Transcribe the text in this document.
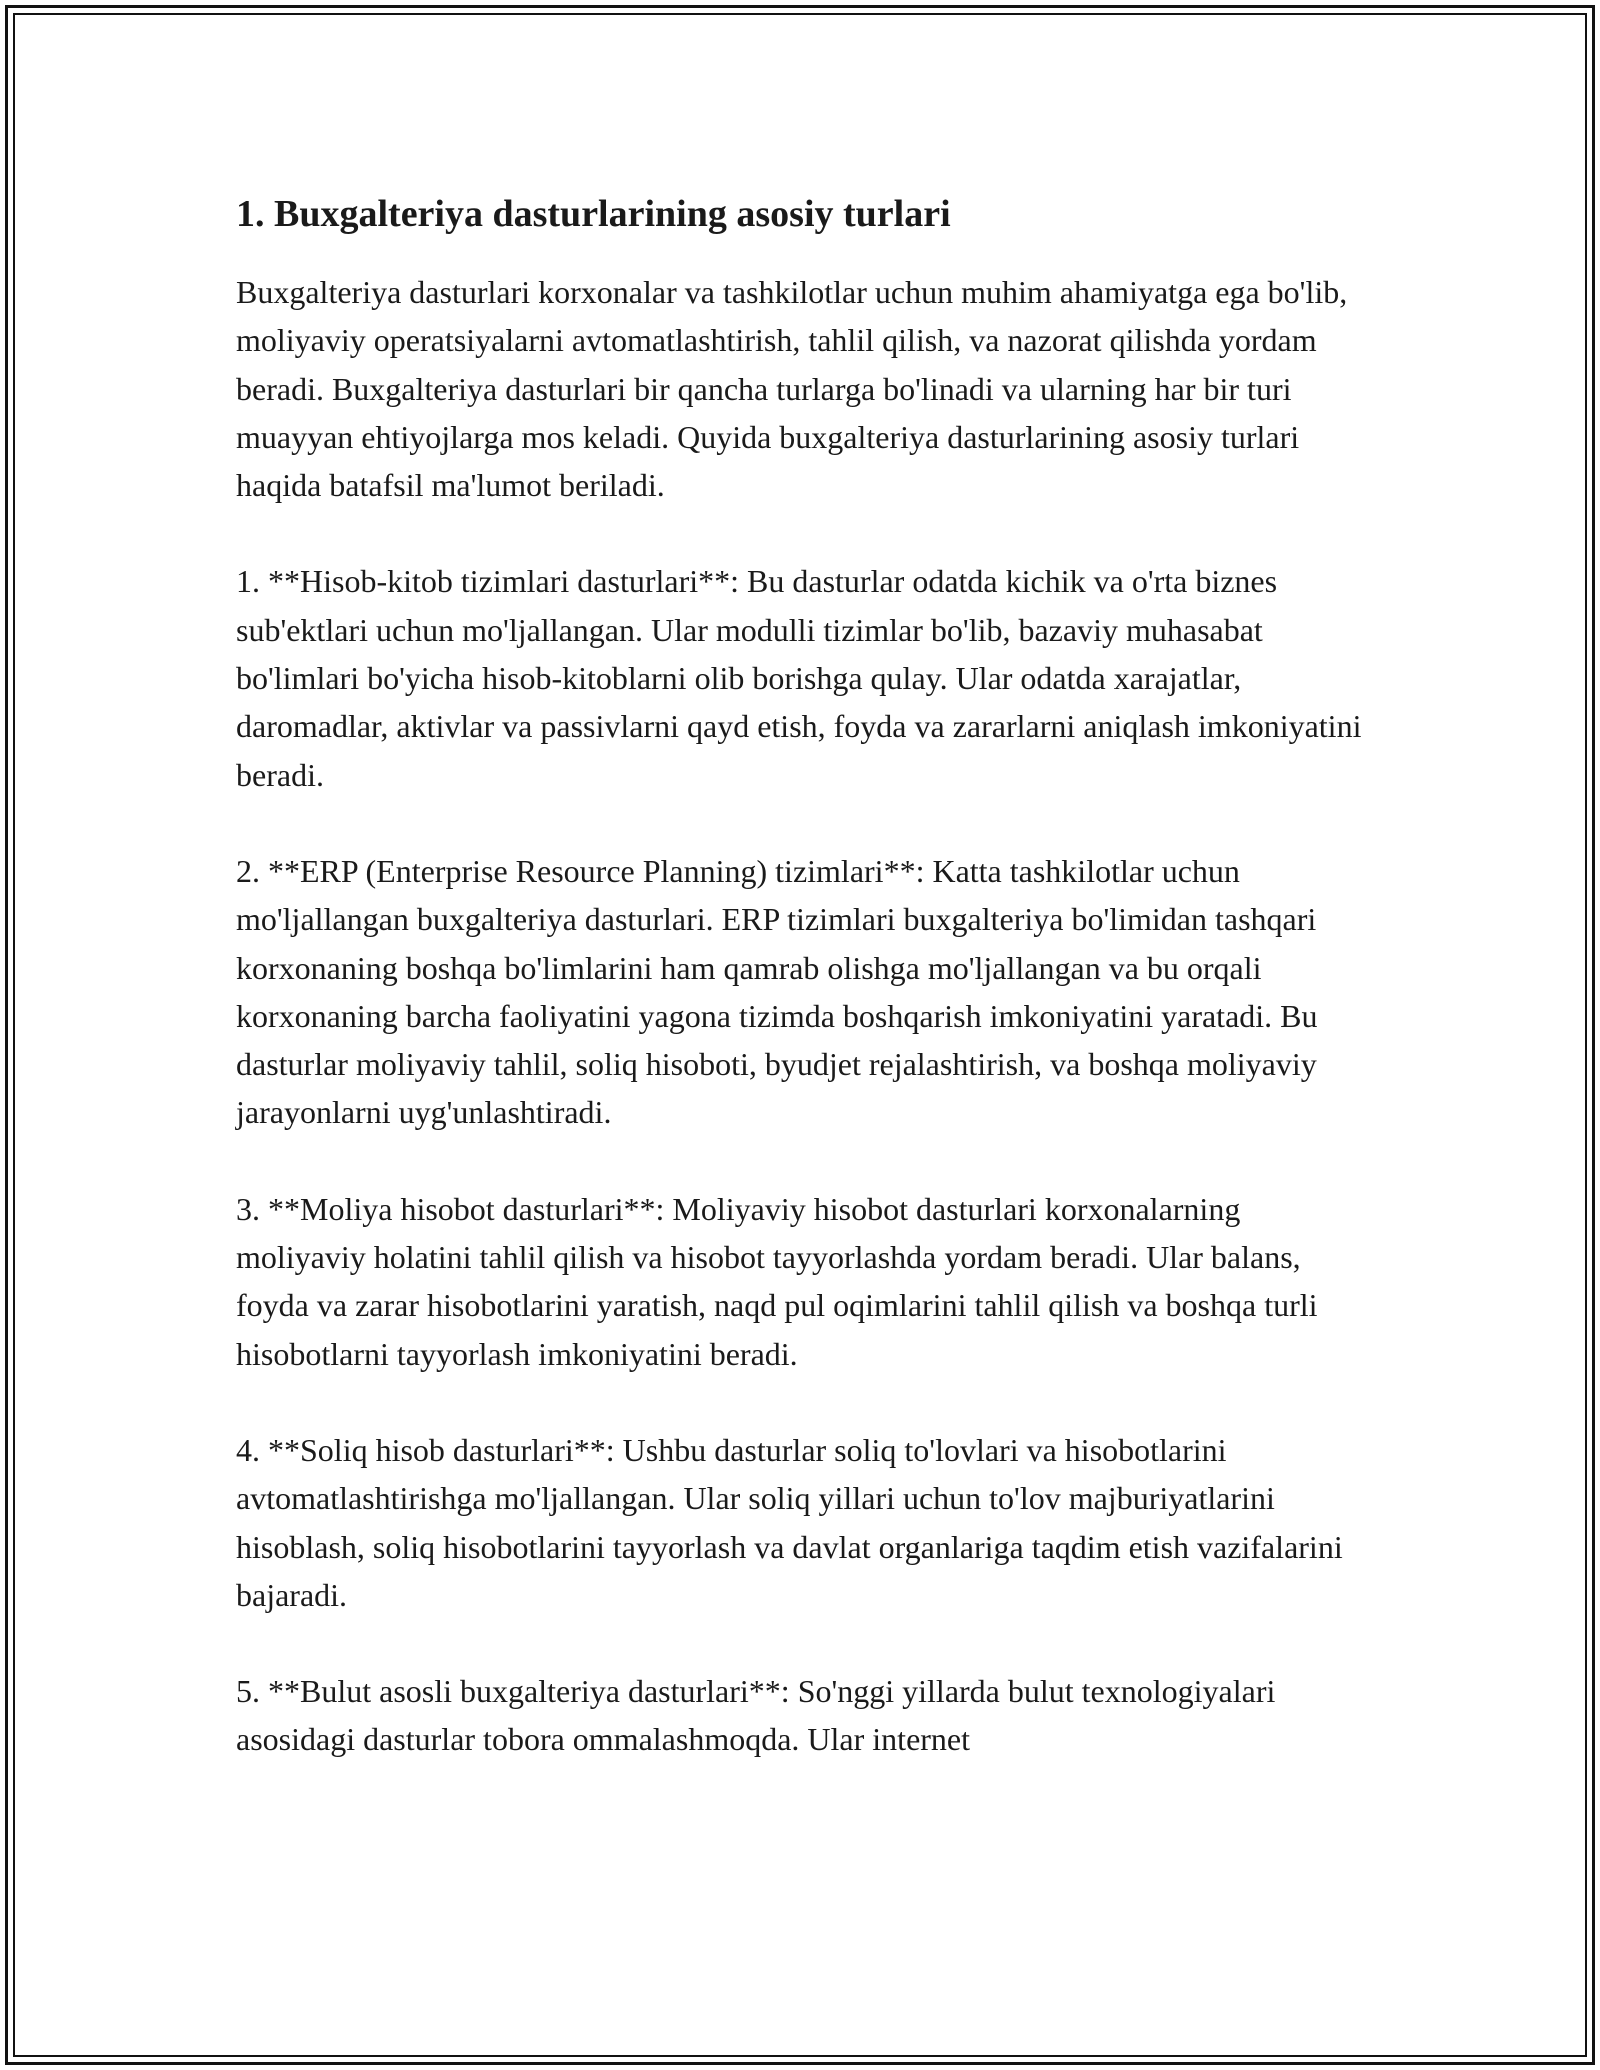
1. Buxgalteriya dasturlarining asosiy turlari

Buxgalteriya dasturlari korxonalar va tashkilotlar uchun muhim ahamiyatga ega bo'lib, moliyaviy operatsiyalarni avtomatlashtirish, tahlil qilish, va nazorat qilishda yordam beradi. Buxgalteriya dasturlari bir qancha turlarga bo'linadi va ularning har bir turi muayyan ehtiyojlarga mos keladi. Quyida buxgalteriya dasturlarining asosiy turlari haqida batafsil ma'lumot beriladi.

1. **Hisob-kitob tizimlari dasturlari**: Bu dasturlar odatda kichik va o'rta biznes sub'ektlari uchun mo'ljallangan. Ular modulli tizimlar bo'lib, bazaviy muhasabat bo'limlari bo'yicha hisob-kitoblarni olib borishga qulay. Ular odatda xarajatlar, daromadlar, aktivlar va passivlarni qayd etish, foyda va zararlarni aniqlash imkoniyatini beradi.

2. **ERP (Enterprise Resource Planning) tizimlari**: Katta tashkilotlar uchun mo'ljallangan buxgalteriya dasturlari. ERP tizimlari buxgalteriya bo'limidan tashqari korxonaning boshqa bo'limlarini ham qamrab olishga mo'ljallangan va bu orqali korxonaning barcha faoliyatini yagona tizimda boshqarish imkoniyatini yaratadi. Bu dasturlar moliyaviy tahlil, soliq hisoboti, byudjet rejalashtirish, va boshqa moliyaviy jarayonlarni uyg'unlashtiradi.

3. **Moliya hisobot dasturlari**: Moliyaviy hisobot dasturlari korxonalarning moliyaviy holatini tahlil qilish va hisobot tayyorlashda yordam beradi. Ular balans, foyda va zarar hisobotlarini yaratish, naqd pul oqimlarini tahlil qilish va boshqa turli hisobotlarni tayyorlash imkoniyatini beradi.

4. **Soliq hisob dasturlari**: Ushbu dasturlar soliq to'lovlari va hisobotlarini avtomatlashtirishga mo'ljallangan. Ular soliq yillari uchun to'lov majburiyatlarini hisoblash, soliq hisobotlarini tayyorlash va davlat organlariga taqdim etish vazifalarini bajaradi.

5. **Bulut asosli buxgalteriya dasturlari**: So'nggi yillarda bulut texnologiyalari asosidagi dasturlar tobora ommalashmoqda. Ular internet
